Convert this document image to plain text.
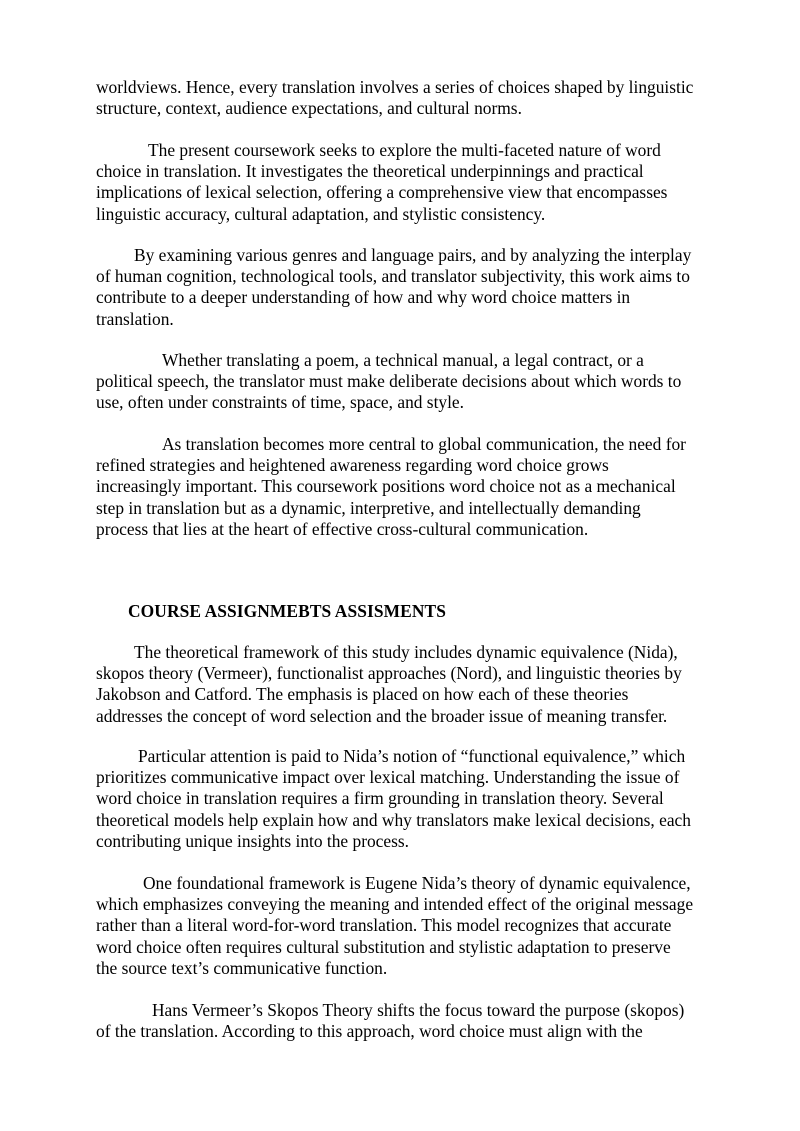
worldviews. Hence, every translation involves a series of choices shaped by linguistic
structure, context, audience expectations, and cultural norms.
The present coursework seeks to explore the multi-faceted nature of word
choice in translation. It investigates the theoretical underpinnings and practical
implications of lexical selection, offering a comprehensive view that encompasses
linguistic accuracy, cultural adaptation, and stylistic consistency.
By examining various genres and language pairs, and by analyzing the interplay
of human cognition, technological tools, and translator subjectivity, this work aims to
contribute to a deeper understanding of how and why word choice matters in
translation.
Whether translating a poem, a technical manual, a legal contract, or a
political speech, the translator must make deliberate decisions about which words to
use, often under constraints of time, space, and style.
As translation becomes more central to global communication, the need for
refined strategies and heightened awareness regarding word choice grows
increasingly important. This coursework positions word choice not as a mechanical
step in translation but as a dynamic, interpretive, and intellectually demanding
process that lies at the heart of effective cross-cultural communication.
COURSE ASSIGNMEBTS ASSISMENTS
The theoretical framework of this study includes dynamic equivalence (Nida),
skopos theory (Vermeer), functionalist approaches (Nord), and linguistic theories by
Jakobson and Catford. The emphasis is placed on how each of these theories
addresses the concept of word selection and the broader issue of meaning transfer.
Particular attention is paid to Nida’s notion of “functional equivalence,” which
prioritizes communicative impact over lexical matching. Understanding the issue of
word choice in translation requires a firm grounding in translation theory. Several
theoretical models help explain how and why translators make lexical decisions, each
contributing unique insights into the process.
One foundational framework is Eugene Nida’s theory of dynamic equivalence,
which emphasizes conveying the meaning and intended effect of the original message
rather than a literal word-for-word translation. This model recognizes that accurate
word choice often requires cultural substitution and stylistic adaptation to preserve
the source text’s communicative function.
Hans Vermeer’s Skopos Theory shifts the focus toward the purpose (skopos)
of the translation. According to this approach, word choice must align with the
